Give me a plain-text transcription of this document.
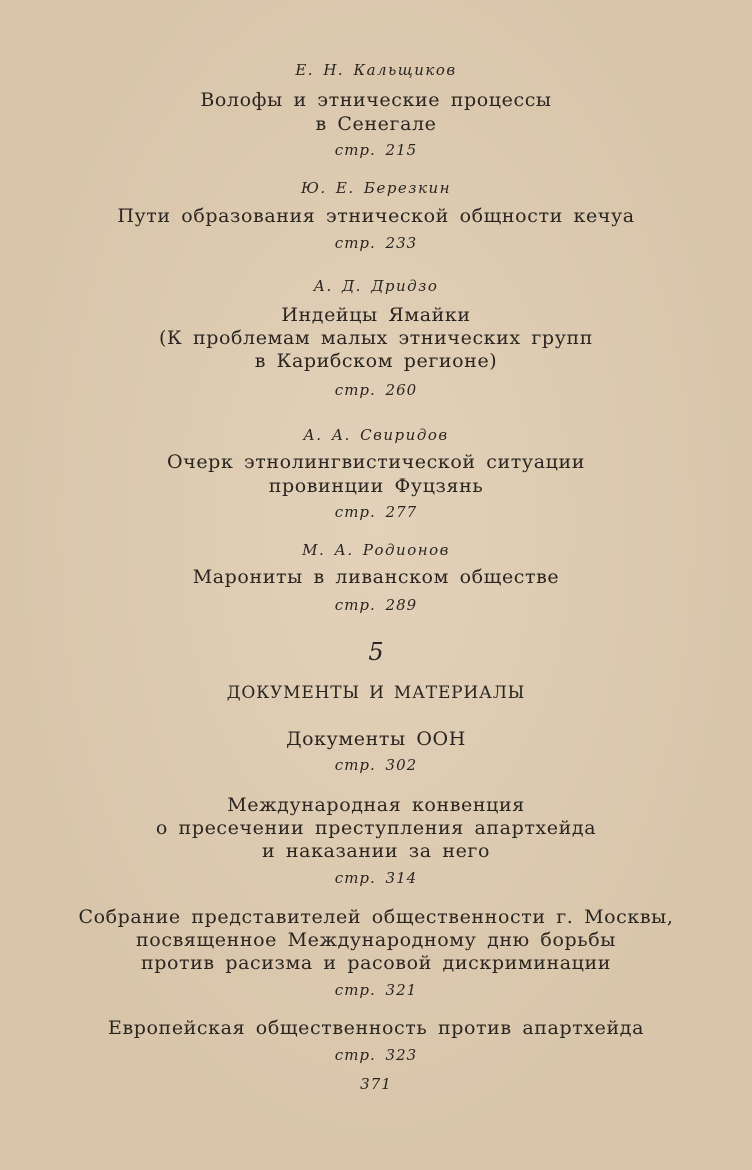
Е. Н. Кальщиков
Волофы и этнические процессы
в Сенегале
стр. 215
Ю. Е. Березкин
Пути образования этнической общности кечуа
стр. 233
А. Д. Дридзо
Индейцы Ямайки
(К проблемам малых этнических групп
в Карибском регионе)
стр. 260
А. А. Свиридов
Очерк этнолингвистической ситуации
провинции Фуцзянь
стр. 277
М. А. Родионов
Марониты в ливанском обществе
стр. 289
5
ДОКУМЕНТЫ И МАТЕРИАЛЫ
Документы ООН
стр. 302
Международная конвенция
о пресечении преступления апартхейда
и наказании за него
стр. 314
Собрание представителей общественности г. Москвы,
посвященное Международному дню борьбы
против расизма и расовой дискриминации
стр. 321
Европейская общественность против апартхейда
стр. 323
371
